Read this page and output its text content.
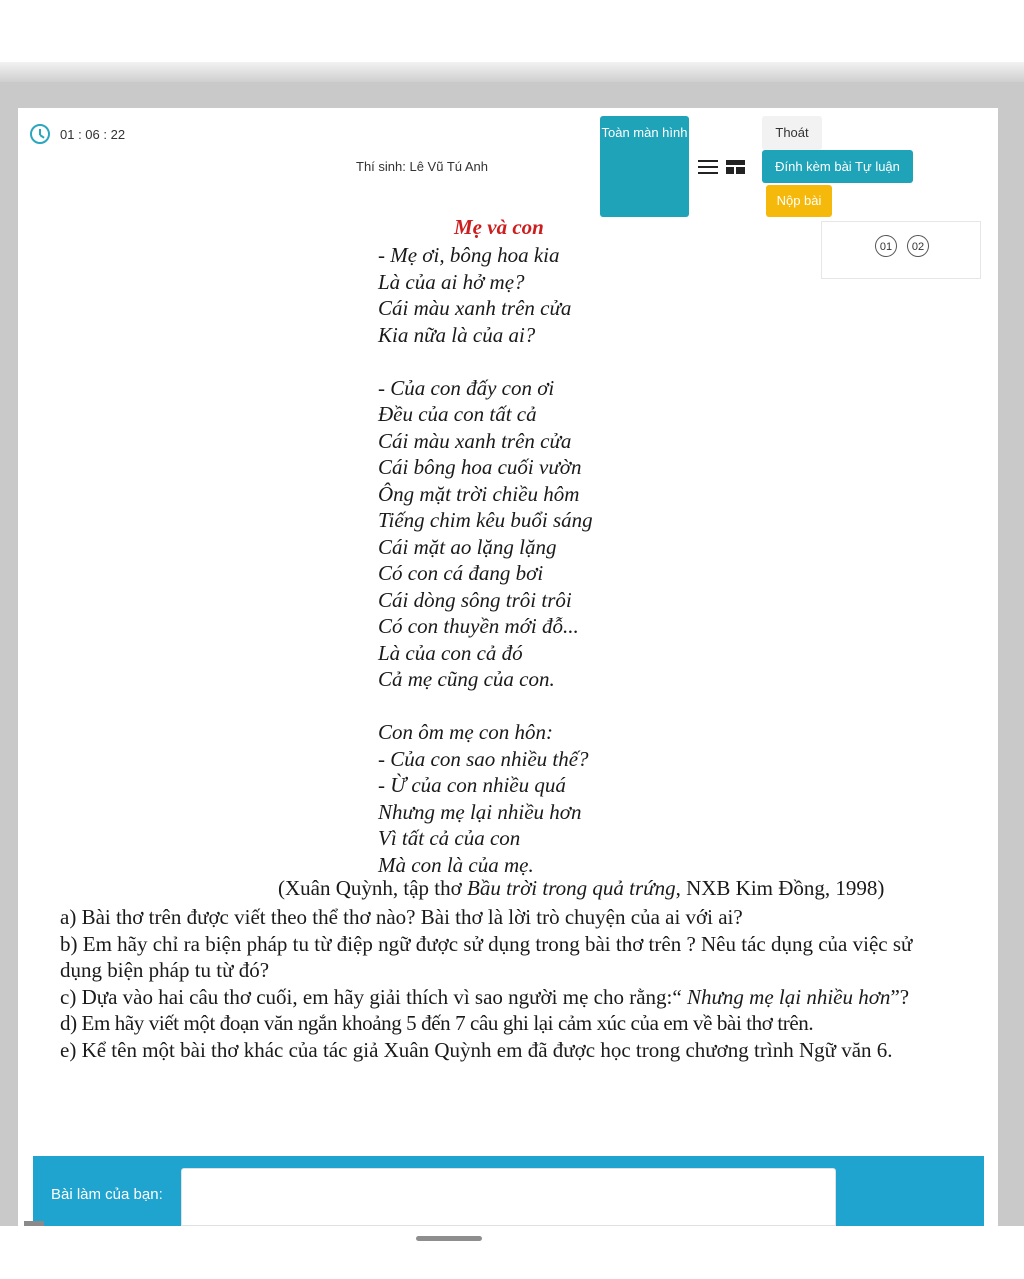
01 : 06 : 22
Thí sinh: Lê Vũ Tú Anh
Toàn màn hình	Thoát
Đính kèm bài Tự luận
Nộp bài
01	02
Mẹ và con
- Mẹ ơi, bông hoa kia
Là của ai hở mẹ?
Cái màu xanh trên cửa
Kia nữa là của ai?
- Của con đấy con ơi
Đều của con tất cả
Cái màu xanh trên cửa
Cái bông hoa cuối vườn
Ông mặt trời chiều hôm
Tiếng chim kêu buổi sáng
Cái mặt ao lặng lặng
Có con cá đang bơi
Cái dòng sông trôi trôi
Có con thuyền mới đỗ...
Là của con cả đó
Cả mẹ cũng của con.
Con ôm mẹ con hôn:
- Của con sao nhiều thế?
- Ừ của con nhiều quá
Nhưng mẹ lại nhiều hơn
Vì tất cả của con
Mà con là của mẹ.
(Xuân Quỳnh, tập thơ Bầu trời trong quả trứng, NXB Kim Đồng, 1998)

a) Bài thơ trên được viết theo thể thơ nào? Bài thơ là lời trò chuyện của ai với ai?

b) Em hãy chỉ ra biện pháp tu từ điệp ngữ được sử dụng trong bài thơ trên ? Nêu tác dụng của việc sử dụng biện pháp tu từ đó?

c) Dựa vào hai câu thơ cuối, em hãy giải thích vì sao người mẹ cho rằng:“ Nhưng mẹ lại nhiều hơn”?

d) Em hãy viết một đoạn văn ngắn khoảng 5 đến 7 câu ghi lại cảm xúc của em về bài thơ trên.

e) Kể tên một bài thơ khác của tác giả Xuân Quỳnh em đã được học trong chương trình Ngữ văn 6.

Bài làm của bạn:
